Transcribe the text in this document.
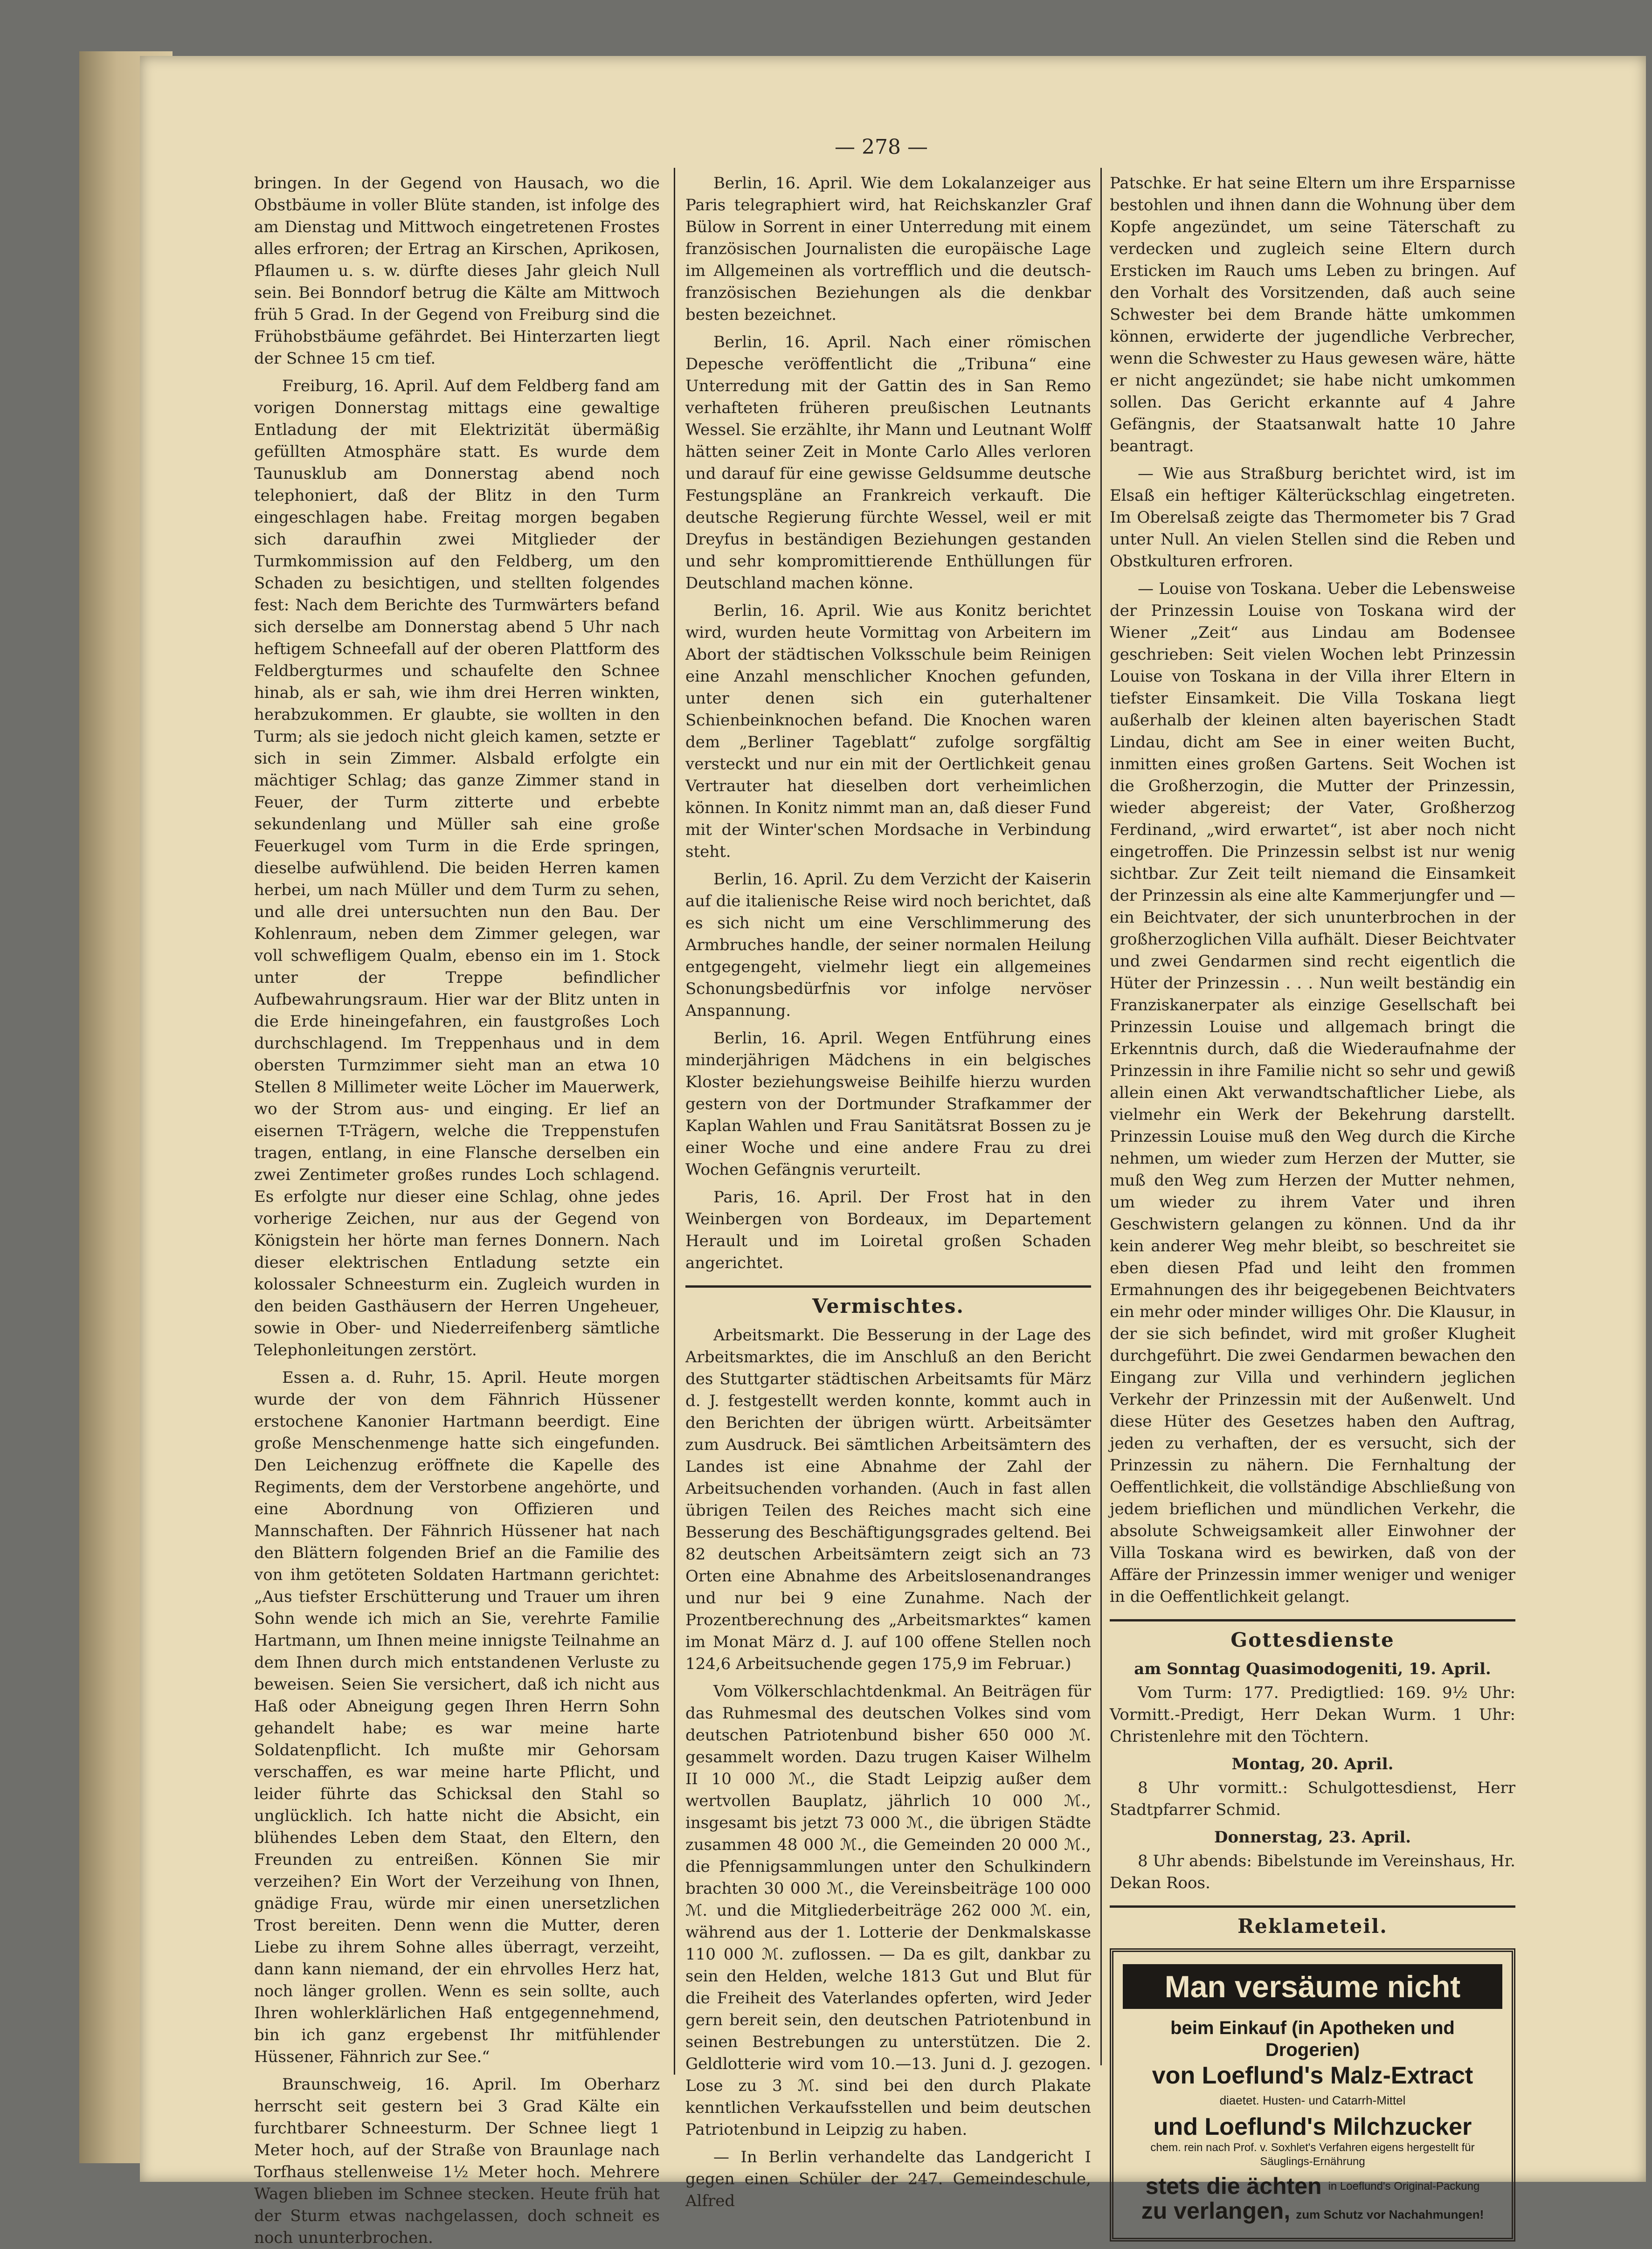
— 278 —

bringen. In der Gegend von Hausach, wo die Obstbäume in voller Blüte standen, ist infolge des am Dienstag und Mittwoch eingetretenen Frostes alles erfroren; der Ertrag an Kirschen, Aprikosen, Pflaumen u. s. w. dürfte dieses Jahr gleich Null sein. Bei Bonndorf betrug die Kälte am Mittwoch früh 5 Grad. In der Gegend von Freiburg sind die Frühobstbäume gefährdet. Bei Hinterzarten liegt der Schnee 15 cm tief.

Freiburg, 16. April. Auf dem Feldberg fand am vorigen Donnerstag mittags eine gewaltige Entladung der mit Elektrizität übermäßig gefüllten Atmosphäre statt. Es wurde dem Taunusklub am Donnerstag abend noch telephoniert, daß der Blitz in den Turm eingeschlagen habe. Freitag morgen begaben sich daraufhin zwei Mitglieder der Turmkommission auf den Feldberg, um den Schaden zu besichtigen, und stellten folgendes fest: Nach dem Berichte des Turmwärters befand sich derselbe am Donnerstag abend 5 Uhr nach heftigem Schneefall auf der oberen Plattform des Feldbergturmes und schaufelte den Schnee hinab, als er sah, wie ihm drei Herren winkten, herabzukommen. Er glaubte, sie wollten in den Turm; als sie jedoch nicht gleich kamen, setzte er sich in sein Zimmer. Alsbald erfolgte ein mächtiger Schlag; das ganze Zimmer stand in Feuer, der Turm zitterte und erbebte sekundenlang und Müller sah eine große Feuerkugel vom Turm in die Erde springen, dieselbe aufwühlend. Die beiden Herren kamen herbei, um nach Müller und dem Turm zu sehen, und alle drei untersuchten nun den Bau. Der Kohlenraum, neben dem Zimmer gelegen, war voll schwefligem Qualm, ebenso ein im 1. Stock unter der Treppe befindlicher Aufbewahrungsraum. Hier war der Blitz unten in die Erde hineingefahren, ein faustgroßes Loch durchschlagend. Im Treppenhaus und in dem obersten Turmzimmer sieht man an etwa 10 Stellen 8 Millimeter weite Löcher im Mauerwerk, wo der Strom aus- und einging. Er lief an eisernen T-Trägern, welche die Treppenstufen tragen, entlang, in eine Flansche derselben ein zwei Zentimeter großes rundes Loch schlagend. Es erfolgte nur dieser eine Schlag, ohne jedes vorherige Zeichen, nur aus der Gegend von Königstein her hörte man fernes Donnern. Nach dieser elektrischen Entladung setzte ein kolossaler Schneesturm ein. Zugleich wurden in den beiden Gasthäusern der Herren Ungeheuer, sowie in Ober- und Niederreifenberg sämtliche Telephonleitungen zerstört.

Essen a. d. Ruhr, 15. April. Heute morgen wurde der von dem Fähnrich Hüssener erstochene Kanonier Hartmann beerdigt. Eine große Menschenmenge hatte sich eingefunden. Den Leichenzug eröffnete die Kapelle des Regiments, dem der Verstorbene angehörte, und eine Abordnung von Offizieren und Mannschaften. Der Fähnrich Hüssener hat nach den Blättern folgenden Brief an die Familie des von ihm getöteten Soldaten Hartmann gerichtet: „Aus tiefster Erschütterung und Trauer um ihren Sohn wende ich mich an Sie, verehrte Familie Hartmann, um Ihnen meine innigste Teilnahme an dem Ihnen durch mich entstandenen Verluste zu beweisen. Seien Sie versichert, daß ich nicht aus Haß oder Abneigung gegen Ihren Herrn Sohn gehandelt habe; es war meine harte Soldatenpflicht. Ich mußte mir Gehorsam verschaffen, es war meine harte Pflicht, und leider führte das Schicksal den Stahl so unglücklich. Ich hatte nicht die Absicht, ein blühendes Leben dem Staat, den Eltern, den Freunden zu entreißen. Können Sie mir verzeihen? Ein Wort der Verzeihung von Ihnen, gnädige Frau, würde mir einen unersetzlichen Trost bereiten. Denn wenn die Mutter, deren Liebe zu ihrem Sohne alles überragt, verzeiht, dann kann niemand, der ein ehrvolles Herz hat, noch länger grollen. Wenn es sein sollte, auch Ihren wohlerklärlichen Haß entgegennehmend, bin ich ganz ergebenst Ihr mitfühlender Hüssener, Fähnrich zur See.“

Braunschweig, 16. April. Im Oberharz herrscht seit gestern bei 3 Grad Kälte ein furchtbarer Schneesturm. Der Schnee liegt 1 Meter hoch, auf der Straße von Braunlage nach Torfhaus stellenweise 1½ Meter hoch. Mehrere Wagen blieben im Schnee stecken. Heute früh hat der Sturm etwas nachgelassen, doch schneit es noch ununterbrochen.

Berlin, 16. April. Wie dem Lokalanzeiger aus Paris telegraphiert wird, hat Reichskanzler Graf Bülow in Sorrent in einer Unterredung mit einem französischen Journalisten die europäische Lage im Allgemeinen als vortrefflich und die deutsch-französischen Beziehungen als die denkbar besten bezeichnet.

Berlin, 16. April. Nach einer römischen Depesche veröffentlicht die „Tribuna“ eine Unterredung mit der Gattin des in San Remo verhafteten früheren preußischen Leutnants Wessel. Sie erzählte, ihr Mann und Leutnant Wolff hätten seiner Zeit in Monte Carlo Alles verloren und darauf für eine gewisse Geldsumme deutsche Festungspläne an Frankreich verkauft. Die deutsche Regierung fürchte Wessel, weil er mit Dreyfus in beständigen Beziehungen gestanden und sehr kompromittierende Enthüllungen für Deutschland machen könne.

Berlin, 16. April. Wie aus Konitz berichtet wird, wurden heute Vormittag von Arbeitern im Abort der städtischen Volksschule beim Reinigen eine Anzahl menschlicher Knochen gefunden, unter denen sich ein guterhaltener Schienbeinknochen befand. Die Knochen waren dem „Berliner Tageblatt“ zufolge sorgfältig versteckt und nur ein mit der Oertlichkeit genau Vertrauter hat dieselben dort verheimlichen können. In Konitz nimmt man an, daß dieser Fund mit der Winter'schen Mordsache in Verbindung steht.

Berlin, 16. April. Zu dem Verzicht der Kaiserin auf die italienische Reise wird noch berichtet, daß es sich nicht um eine Verschlimmerung des Armbruches handle, der seiner normalen Heilung entgegengeht, vielmehr liegt ein allgemeines Schonungsbedürfnis vor infolge nervöser Anspannung.

Berlin, 16. April. Wegen Entführung eines minderjährigen Mädchens in ein belgisches Kloster beziehungsweise Beihilfe hierzu wurden gestern von der Dortmunder Strafkammer der Kaplan Wahlen und Frau Sanitätsrat Bossen zu je einer Woche und eine andere Frau zu drei Wochen Gefängnis verurteilt.

Paris, 16. April. Der Frost hat in den Weinbergen von Bordeaux, im Departement Herault und im Loiretal großen Schaden angerichtet.

Vermischtes.

Arbeitsmarkt. Die Besserung in der Lage des Arbeitsmarktes, die im Anschluß an den Bericht des Stuttgarter städtischen Arbeitsamts für März d. J. festgestellt werden konnte, kommt auch in den Berichten der übrigen württ. Arbeitsämter zum Ausdruck. Bei sämtlichen Arbeitsämtern des Landes ist eine Abnahme der Zahl der Arbeitsuchenden vorhanden. (Auch in fast allen übrigen Teilen des Reiches macht sich eine Besserung des Beschäftigungsgrades geltend. Bei 82 deutschen Arbeitsämtern zeigt sich an 73 Orten eine Abnahme des Arbeitslosenandranges und nur bei 9 eine Zunahme. Nach der Prozentberechnung des „Arbeitsmarktes“ kamen im Monat März d. J. auf 100 offene Stellen noch 124,6 Arbeitsuchende gegen 175,9 im Februar.)

Vom Völkerschlachtdenkmal. An Beiträgen für das Ruhmesmal des deutschen Volkes sind vom deutschen Patriotenbund bisher 650 000 ℳ. gesammelt worden. Dazu trugen Kaiser Wilhelm II 10 000 ℳ., die Stadt Leipzig außer dem wertvollen Bauplatz, jährlich 10 000 ℳ., insgesamt bis jetzt 73 000 ℳ., die übrigen Städte zusammen 48 000 ℳ., die Gemeinden 20 000 ℳ., die Pfennigsammlungen unter den Schulkindern brachten 30 000 ℳ., die Vereinsbeiträge 100 000 ℳ. und die Mitgliederbeiträge 262 000 ℳ. ein, während aus der 1. Lotterie der Denkmalskasse 110 000 ℳ. zuflossen. — Da es gilt, dankbar zu sein den Helden, welche 1813 Gut und Blut für die Freiheit des Vaterlandes opferten, wird Jeder gern bereit sein, den deutschen Patriotenbund in seinen Bestrebungen zu unterstützen. Die 2. Geldlotterie wird vom 10.—13. Juni d. J. gezogen. Lose zu 3 ℳ. sind bei den durch Plakate kenntlichen Verkaufsstellen und beim deutschen Patriotenbund in Leipzig zu haben.

— In Berlin verhandelte das Landgericht I gegen einen Schüler der 247. Gemeindeschule, Alfred

Patschke. Er hat seine Eltern um ihre Ersparnisse bestohlen und ihnen dann die Wohnung über dem Kopfe angezündet, um seine Täterschaft zu verdecken und zugleich seine Eltern durch Ersticken im Rauch ums Leben zu bringen. Auf den Vorhalt des Vorsitzenden, daß auch seine Schwester bei dem Brande hätte umkommen können, erwiderte der jugendliche Verbrecher, wenn die Schwester zu Haus gewesen wäre, hätte er nicht angezündet; sie habe nicht umkommen sollen. Das Gericht erkannte auf 4 Jahre Gefängnis, der Staatsanwalt hatte 10 Jahre beantragt.

— Wie aus Straßburg berichtet wird, ist im Elsaß ein heftiger Kälterückschlag eingetreten. Im Oberelsaß zeigte das Thermometer bis 7 Grad unter Null. An vielen Stellen sind die Reben und Obstkulturen erfroren.

— Louise von Toskana. Ueber die Lebensweise der Prinzessin Louise von Toskana wird der Wiener „Zeit“ aus Lindau am Bodensee geschrieben: Seit vielen Wochen lebt Prinzessin Louise von Toskana in der Villa ihrer Eltern in tiefster Einsamkeit. Die Villa Toskana liegt außerhalb der kleinen alten bayerischen Stadt Lindau, dicht am See in einer weiten Bucht, inmitten eines großen Gartens. Seit Wochen ist die Großherzogin, die Mutter der Prinzessin, wieder abgereist; der Vater, Großherzog Ferdinand, „wird erwartet“, ist aber noch nicht eingetroffen. Die Prinzessin selbst ist nur wenig sichtbar. Zur Zeit teilt niemand die Einsamkeit der Prinzessin als eine alte Kammerjungfer und — ein Beichtvater, der sich ununterbrochen in der großherzoglichen Villa aufhält. Dieser Beichtvater und zwei Gendarmen sind recht eigentlich die Hüter der Prinzessin . . . Nun weilt beständig ein Franziskanerpater als einzige Gesellschaft bei Prinzessin Louise und allgemach bringt die Erkenntnis durch, daß die Wiederaufnahme der Prinzessin in ihre Familie nicht so sehr und gewiß allein einen Akt verwandtschaftlicher Liebe, als vielmehr ein Werk der Bekehrung darstellt. Prinzessin Louise muß den Weg durch die Kirche nehmen, um wieder zum Herzen der Mutter, sie muß den Weg zum Herzen der Mutter nehmen, um wieder zu ihrem Vater und ihren Geschwistern gelangen zu können. Und da ihr kein anderer Weg mehr bleibt, so beschreitet sie eben diesen Pfad und leiht den frommen Ermahnungen des ihr beigegebenen Beichtvaters ein mehr oder minder williges Ohr. Die Klausur, in der sie sich befindet, wird mit großer Klugheit durchgeführt. Die zwei Gendarmen bewachen den Eingang zur Villa und verhindern jeglichen Verkehr der Prinzessin mit der Außenwelt. Und diese Hüter des Gesetzes haben den Auftrag, jeden zu verhaften, der es versucht, sich der Prinzessin zu nähern. Die Fernhaltung der Oeffentlichkeit, die vollständige Abschließung von jedem brieflichen und mündlichen Verkehr, die absolute Schweigsamkeit aller Einwohner der Villa Toskana wird es bewirken, daß von der Affäre der Prinzessin immer weniger und weniger in die Oeffentlichkeit gelangt.

Gottesdienste
am Sonntag Quasimodogeniti, 19. April.

Vom Turm: 177. Predigtlied: 169. 9½ Uhr: Vormitt.-Predigt, Herr Dekan Wurm. 1 Uhr: Christenlehre mit den Töchtern.

Montag, 20. April.

8 Uhr vormitt.: Schulgottesdienst, Herr Stadtpfarrer Schmid.

Donnerstag, 23. April.

8 Uhr abends: Bibelstunde im Vereinshaus, Hr. Dekan Roos.

Reklameteil.
Man versäume nicht
beim Einkauf (in Apotheken und Drogerien)
von Loeflund's Malz-Extract
diaetet. Husten- und Catarrh-Mittel
und Loeflund's Milchzucker
chem. rein nach Prof. v. Soxhlet's Verfahren eigens hergestellt für Säuglings-Ernährung
stets die ächten in Loeflund's Original-Packung
zu verlangen, zum Schutz vor Nachahmungen!
